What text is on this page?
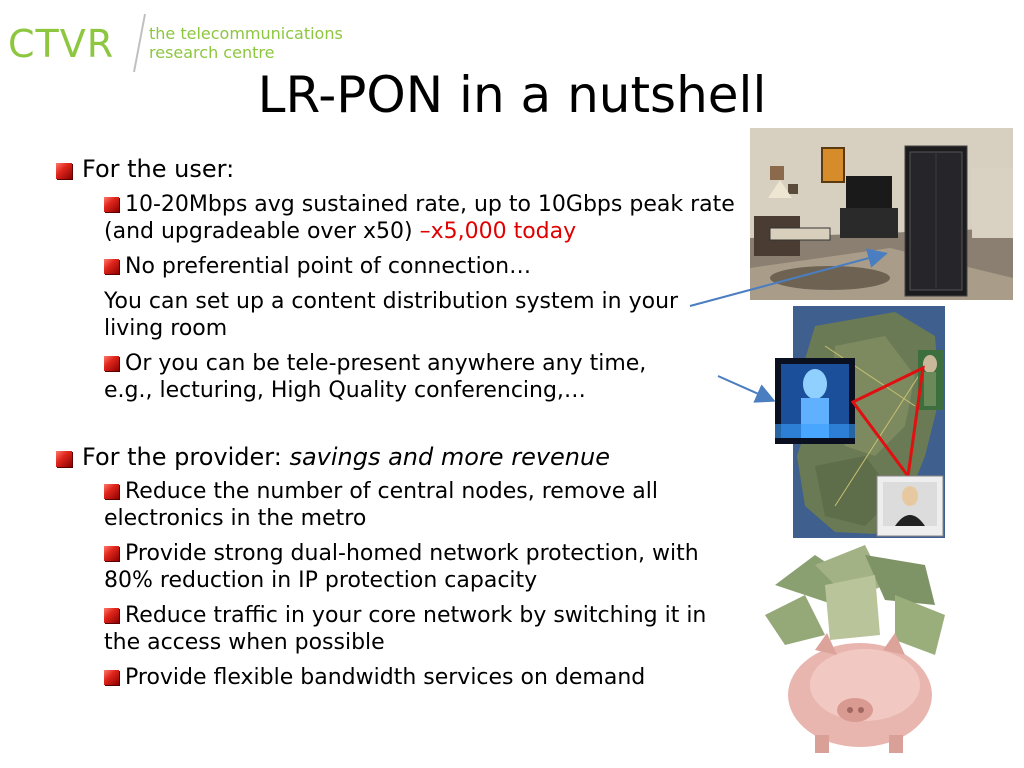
CTVR the telecommunications
research centre
LR-PON in a nutshell
For the user:
10-20Mbps avg sustained rate, up to 10Gbps peak rate (and upgradeable over x50) –x5,000 today
No preferential point of connection…
You can set up a content distribution system in your living room
Or you can be tele-present anywhere any time, e.g., lecturing, High Quality conferencing,…
For the provider: savings and more revenue
Reduce the number of central nodes, remove all electronics in the metro
Provide strong dual-homed network protection, with 80% reduction in IP protection capacity
Reduce traffic in your core network by switching it in the access when possible
Provide flexible bandwidth services on demand
